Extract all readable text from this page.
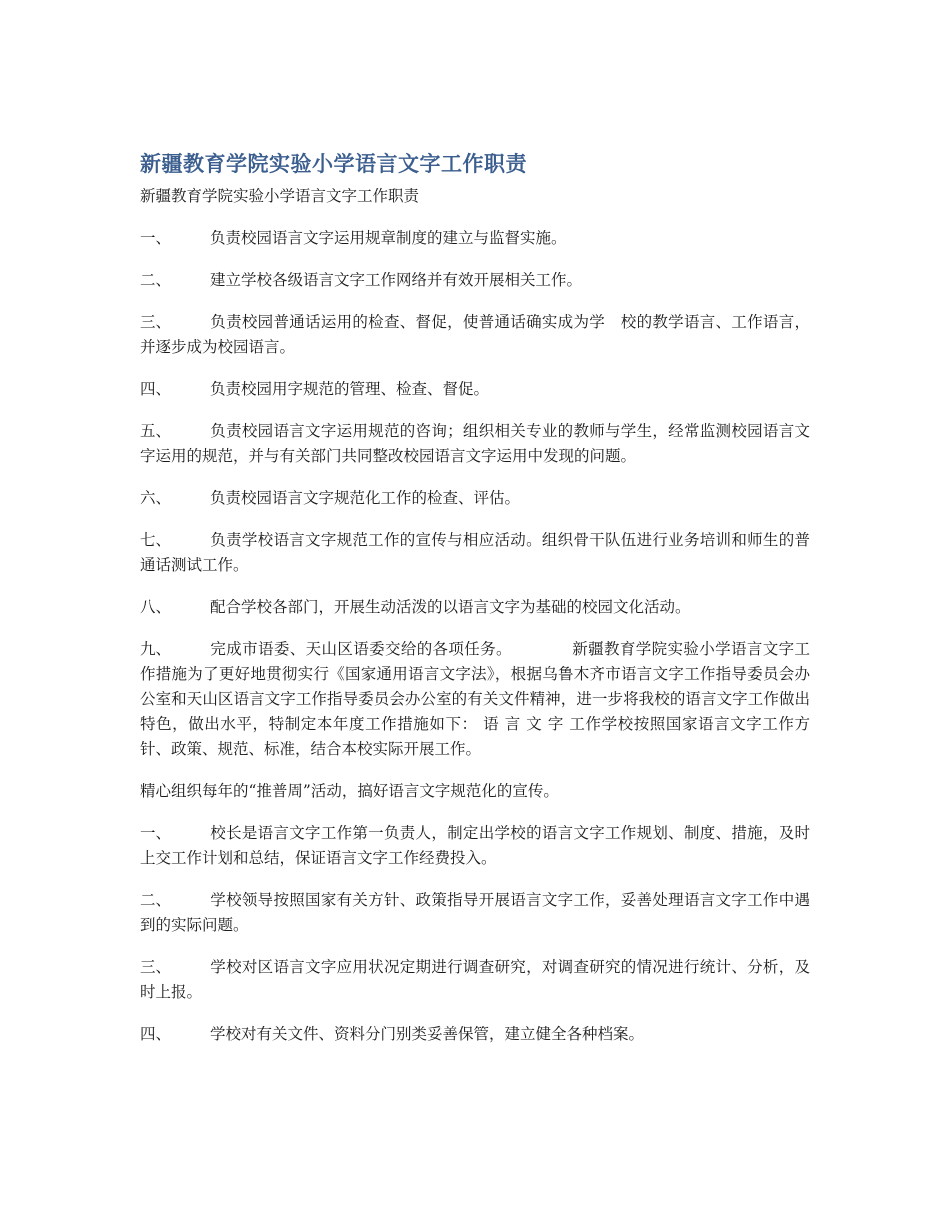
新疆教育学院实验小学语言文字工作职责

新疆教育学院实验小学语言文字工作职责

一、	负责校园语言文字运用规章制度的建立与监督实施。

二、	建立学校各级语言文字工作网络并有效开展相关工作。

三、	负责校园普通话运用的检查、督促，使普通话确实成为学　校的教学语言、工作语言，并逐步成为校园语言。

四、	负责校园用字规范的管理、检查、督促。

五、	负责校园语言文字运用规范的咨询；组织相关专业的教师与学生，经常监测校园语言文字运用的规范，并与有关部门共同整改校园语言文字运用中发现的问题。

六、	负责校园语言文字规范化工作的检查、评估。

七、	负责学校语言文字规范工作的宣传与相应活动。组织骨干队伍进行业务培训和师生的普通话测试工作。

八、	配合学校各部门，开展生动活泼的以语言文字为基础的校园文化活动。

九、	完成市语委、天山区语委交给的各项任务。	新疆教育学院实验小学语言文字工作措施为了更好地贯彻实行《国家通用语言文字法》，根据乌鲁木齐市语言文字工作指导委员会办公室和天山区语言文字工作指导委员会办公室的有关文件精神，进一步将我校的语言文字工作做出特色，做出水平，特制定本年度工作措施如下： 语 言 文 字 工作学校按照国家语言文字工作方针、政策、规范、标准，结合本校实际开展工作。

精心组织每年的“推普周”活动，搞好语言文字规范化的宣传。

一、	校长是语言文字工作第一负责人，制定出学校的语言文字工作规划、制度、措施，及时上交工作计划和总结，保证语言文字工作经费投入。

二、	学校领导按照国家有关方针、政策指导开展语言文字工作，妥善处理语言文字工作中遇到的实际问题。

三、	学校对区语言文字应用状况定期进行调查研究，对调查研究的情况进行统计、分析，及时上报。

四、	学校对有关文件、资料分门别类妥善保管，建立健全各种档案。
